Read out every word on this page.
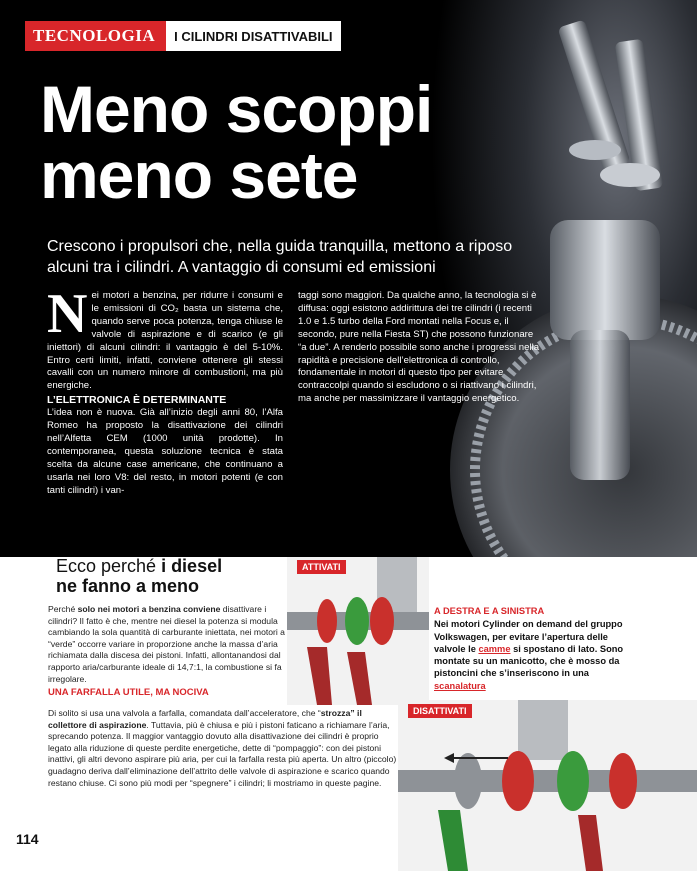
TECNOLOGIA	I CILINDRI DISATTIVABILI
Meno scoppi
meno sete
Crescono i propulsori che, nella guida tranquilla, mettono a riposo alcuni tra i cilindri. A vantaggio di consumi ed emissioni
N ei motori a benzina, per ridurre i consumi e le emissioni di CO₂ basta un sistema che, quando serve poca potenza, tenga chiuse le valvole di aspirazione e di scarico (e gli iniettori) di alcuni cilindri: il vantaggio è del 5-10%. Entro certi limiti, infatti, conviene ottenere gli stessi cavalli con un numero minore di combustioni, ma più energiche.

L’ELETTRONICA È DETERMINANTE

L’idea non è nuova. Già all’inizio degli anni 80, l’Alfa Romeo ha proposto la disattivazione dei cilindri nell’Alfetta CEM (1000 unità prodotte). In contemporanea, questa soluzione tecnica è stata scelta da alcune case americane, che continuano a usarla nei loro V8: del resto, in motori potenti (e con tanti cilindri) i van-

taggi sono maggiori. Da qualche anno, la tecnologia si è diffusa: oggi esistono addirittura dei tre cilindri (i recenti 1.0 e 1.5 turbo della Ford montati nella Focus e, il secondo, pure nella Fiesta ST) che possono funzionare “a due”. A renderlo possibile sono anche i progressi nella rapidità e precisione dell’elettronica di controllo, fondamentale in motori di questo tipo per evitare contraccolpi quando si escludono o si riattivano i cilindri, ma anche per massimizzare il vantaggio energetico.

Ecco perché i diesel
ne fanno a meno
Perché solo nei motori a benzina conviene disattivare i cilindri? Il fatto è che, mentre nei diesel la potenza si modula cambiando la sola quantità di carburante iniettata, nei motori a “verde” occorre variare in proporzione anche la massa d’aria richiamata dalla discesa dei pistoni. Infatti, allontanandosi dal rapporto aria/carburante ideale di 14,7:1, la combustione si fa irregolare.
UNA FARFALLA UTILE, MA NOCIVA
Di solito si usa una valvola a farfalla, comandata dall’acceleratore, che “strozza” il collettore di aspirazione. Tuttavia, più è chiusa e più i pistoni faticano a richiamare l’aria, sprecando potenza. Il maggior vantaggio dovuto alla disattivazione dei cilindri è proprio legato alla riduzione di queste perdite energetiche, dette di “pompaggio”: con dei pistoni inattivi, gli altri devono aspirare più aria, per cui la farfalla resta più aperta. Un altro (piccolo) guadagno deriva dall’eliminazione dell’attrito delle valvole di aspirazione e scarico quando restano chiuse. Ci sono più modi per “spegnere” i cilindri; li mostriamo in queste pagine.
ATTIVATI
DISATTIVATI
A DESTRA E A SINISTRA
Nei motori Cylinder on demand del gruppo Volkswagen, per evitare l’apertura delle valvole le camme si spostano di lato. Sono montate su un manicotto, che è mosso da pistoncini che s’inseriscono in una scanalatura
114
